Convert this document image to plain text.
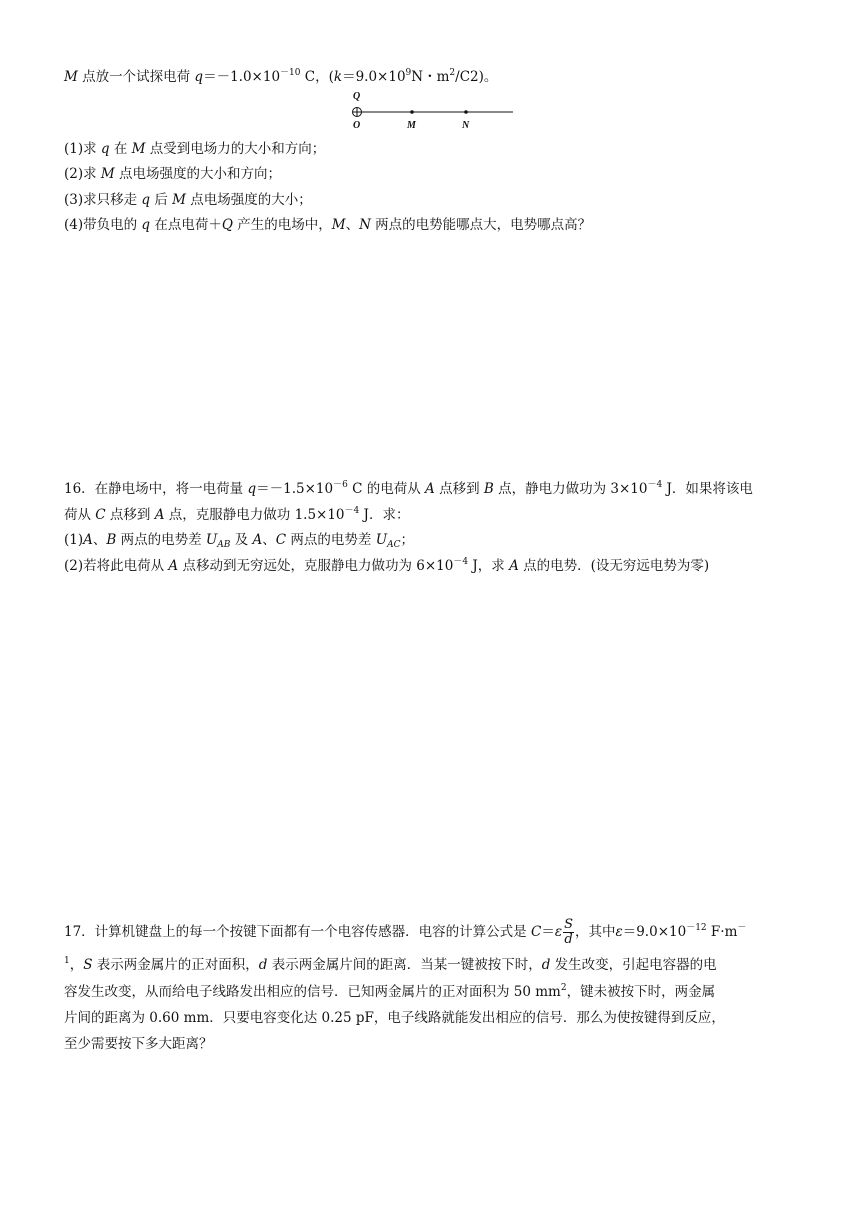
M 点放一个试探电荷 $q=-1.0\times 10^{-10}$ C，($k=9.0\times 10^9N$・$m^2/C2$)。
Q
O	M	N
(1)求 q 在 M 点受到电场力的大小和方向；
(2)求 M 点电场强度的大小和方向；
(3)求只移走 q 后 M 点电场强度的大小；
(4)带负电的 q 在点电荷＋Q 产生的电场中，M、N 两点的电势能哪点大，电势哪点高？
16．在静电场中，将一电荷量 $q=-1.5\times 10^{-6}$ C 的电荷从 A 点移到 B 点，静电力做功为 $3\times 10^{-4}$ J．如果将该电
荷从 C 点移到 A 点，克服静电力做功 $1.5\times 10^{-4}$ J．求：
(1)A、B 两点的电势差 $U_{AB}$ 及 A、C 两点的电势差 $U_{AC}$；
(2)若将此电荷从 A 点移动到无穷远处，克服静电力做功为 $6\times 10^{-4}$ J，求 A 点的电势．(设无穷远电势为零)
17．计算机键盘上的每一个按键下面都有一个电容传感器．电容的计算公式是 $C=\varepsilon \frac{S}{d}$ ，其中$\varepsilon=9.0\times 10^{-12}$ F·m－
$^1$，S 表示两金属片的正对面积，d 表示两金属片间的距离．当某一键被按下时，d 发生改变，引起电容器的电
容发生改变，从而给电子线路发出相应的信号．已知两金属片的正对面积为 50 $mm^2$，键未被按下时，两金属
片间的距离为 0.60 mm．只要电容变化达 0.25 pF，电子线路就能发出相应的信号．那么为使按键得到反应，
至少需要按下多大距离？
